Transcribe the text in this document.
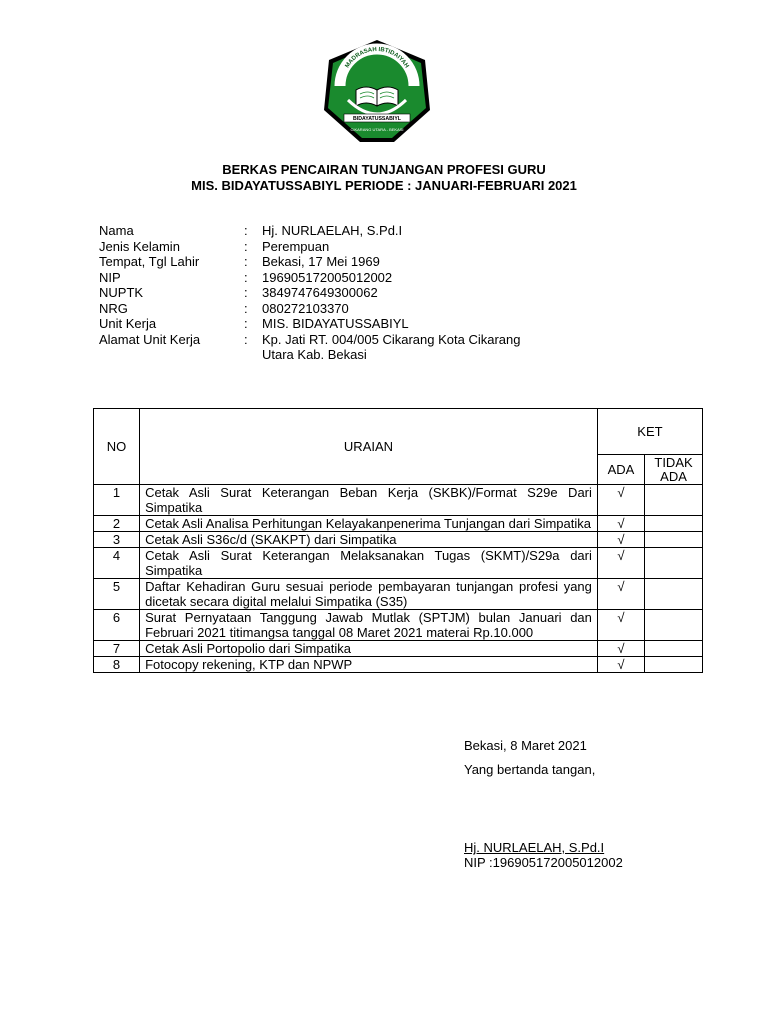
MADRASAH IBTIDAIYAH
BIDAYATUSSABIYL
CIKARANG UTARA - BEKASI
BERKAS PENCAIRAN TUNJANGAN PROFESI GURU
MIS. BIDAYATUSSABIYL PERIODE : JANUARI-FEBRUARI 2021
Nama	:	Hj. NURLAELAH, S.Pd.I
Jenis Kelamin	:	Perempuan
Tempat, Tgl Lahir	:	Bekasi, 17 Mei 1969
NIP	:	196905172005012002
NUPTK	:	3849747649300062
NRG	:	080272103370
Unit Kerja	:	MIS. BIDAYATUSSABIYL
Alamat Unit Kerja	:	Kp. Jati RT. 004/005 Cikarang Kota Cikarang Utara Kab. Bekasi
NO	URAIAN	KET	
		ADA	TIDAK ADA
1	Cetak Asli Surat Keterangan Beban Kerja (SKBK)/Format S29e Dari Simpatika	√	
2	Cetak Asli Analisa Perhitungan Kelayakanpenerima Tunjangan dari Simpatika	√	
3	Cetak Asli S36c/d (SKAKPT) dari Simpatika	√	
4	Cetak Asli Surat Keterangan Melaksanakan Tugas (SKMT)/S29a dari Simpatika	√	
5	Daftar Kehadiran Guru sesuai periode pembayaran tunjangan profesi yang dicetak secara digital melalui Simpatika (S35)	√	
6	Surat Pernyataan Tanggung Jawab Mutlak (SPTJM) bulan Januari dan Februari 2021 titimangsa tanggal 08 Maret 2021 materai Rp.10.000	√	
7	Cetak Asli Portopolio dari Simpatika	√	
8	Fotocopy rekening, KTP dan NPWP	√	
Bekasi, 8 Maret 2021
Yang bertanda tangan,
Hj. NURLAELAH, S.Pd.I
NIP :196905172005012002
